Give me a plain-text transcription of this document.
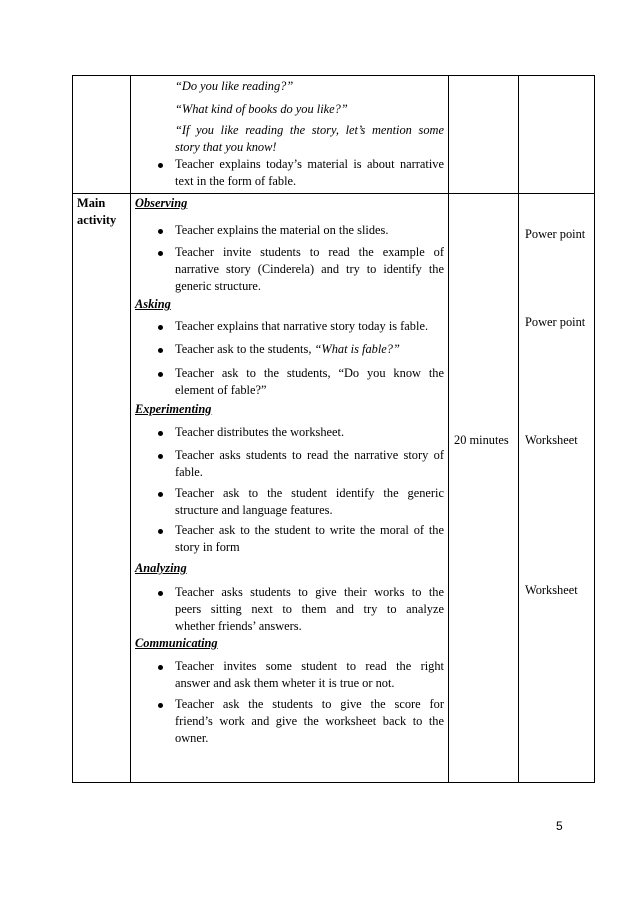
“Do you like reading?”
“What kind of books do you like?”
“If you like reading the story, let’s mention some
story that you know!
Teacher explains today’s material is about narrative
text in the form of fable.
Main
activity
20 minutes
Power point
Power point
Worksheet
Worksheet
Observing
Teacher explains the material on the slides.
Teacher invite students to read the example of
narrative story (Cinderela) and try to identify the
generic structure.
Asking
Teacher explains that narrative story today is fable.
Teacher ask to the students, “What is fable?”
Teacher ask to the students, “Do you know the
element of fable?”
Experimenting
Teacher distributes the worksheet.
Teacher asks students to read the narrative story of
fable.
Teacher ask to the student identify the generic
structure and language features.
Teacher ask to the student to write the moral of the
story in form
Analyzing
Teacher asks students to give their works to the
peers sitting next to them and try to analyze
whether friends’ answers.
Communicating
Teacher invites some student to read the right
answer and ask them wheter it is true or not.
Teacher ask the students to give the score for
friend’s work and give the worksheet back to the
owner.
5
